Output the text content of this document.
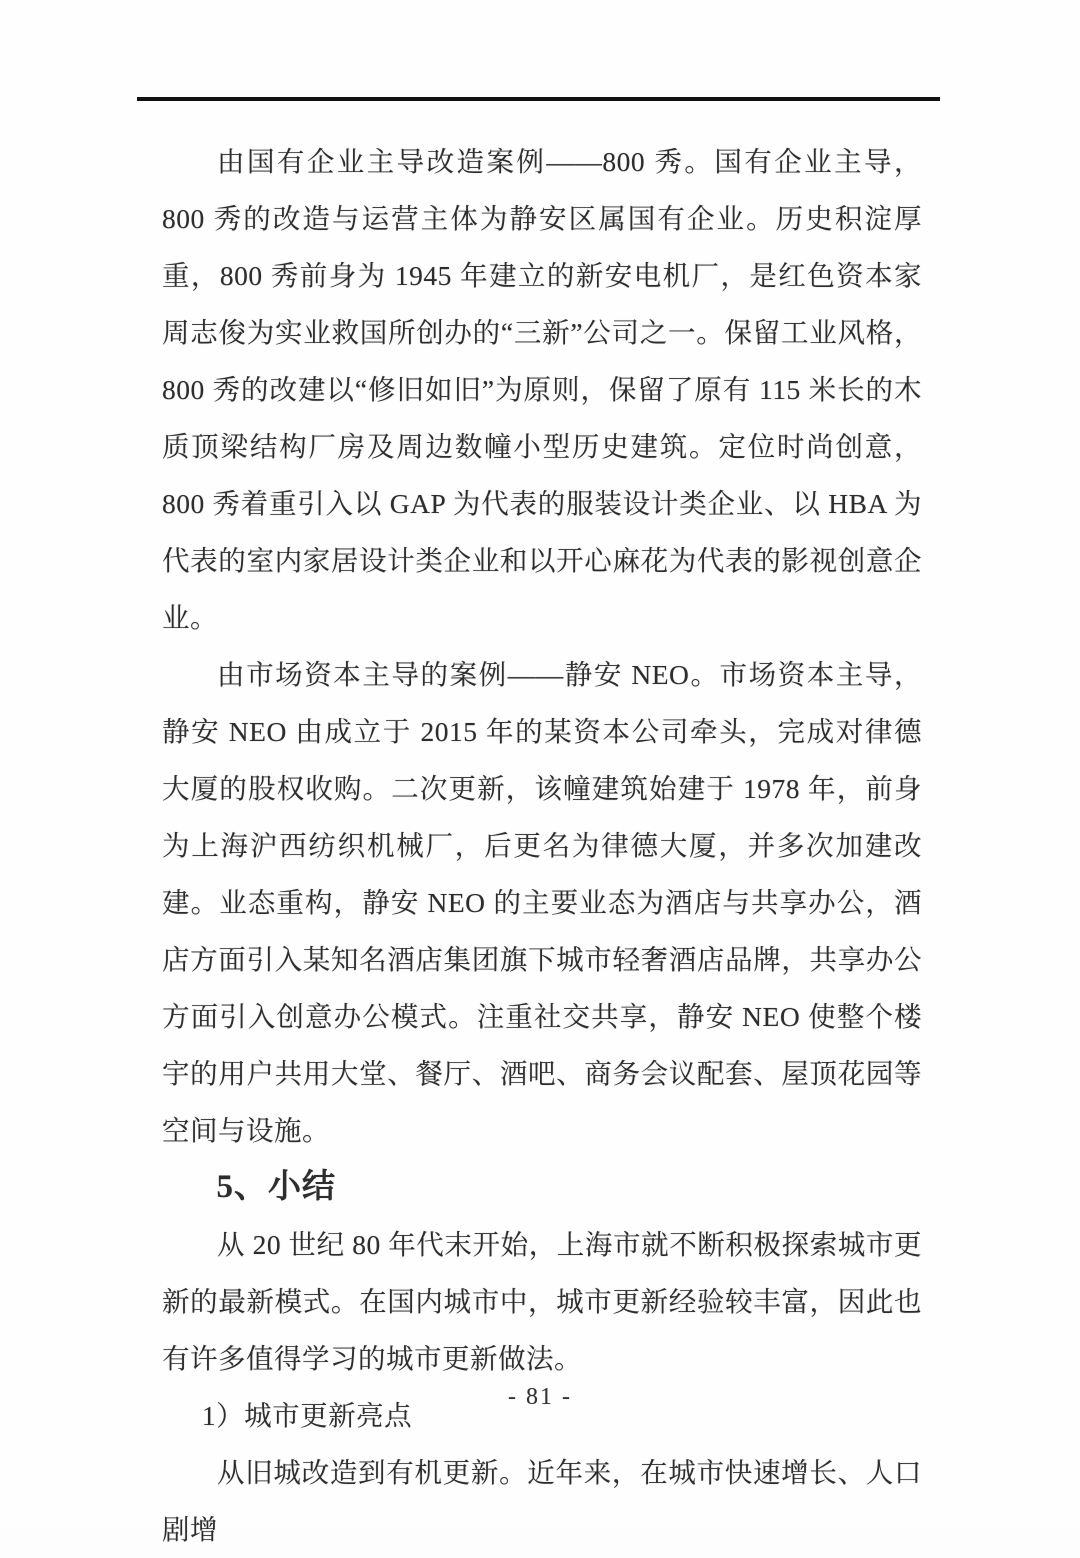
由国有企业主导改造案例——800 秀。国有企业主导，800 秀的改造与运营主体为静安区属国有企业。历史积淀厚重，800 秀前身为 1945 年建立的新安电机厂，是红色资本家周志俊为实业救国所创办的“三新”公司之一。保留工业风格，800 秀的改建以“修旧如旧”为原则，保留了原有 115 米长的木质顶梁结构厂房及周边数幢小型历史建筑。定位时尚创意，800 秀着重引入以 GAP 为代表的服装设计类企业、以 HBA 为代表的室内家居设计类企业和以开心麻花为代表的影视创意企业。

由市场资本主导的案例——静安 NEO。市场资本主导，静安 NEO 由成立于 2015 年的某资本公司牵头，完成对律德大厦的股权收购。二次更新，该幢建筑始建于 1978 年，前身为上海沪西纺织机械厂，后更名为律德大厦，并多次加建改建。业态重构，静安 NEO 的主要业态为酒店与共享办公，酒店方面引入某知名酒店集团旗下城市轻奢酒店品牌，共享办公方面引入创意办公模式。注重社交共享，静安 NEO 使整个楼宇的用户共用大堂、餐厅、酒吧、商务会议配套、屋顶花园等空间与设施。

5、小结

从 20 世纪 80 年代末开始，上海市就不断积极探索城市更新的最新模式。在国内城市中，城市更新经验较丰富，因此也有许多值得学习的城市更新做法。

1）城市更新亮点

从旧城改造到有机更新。近年来，在城市快速增长、人口剧增

- 81 -
